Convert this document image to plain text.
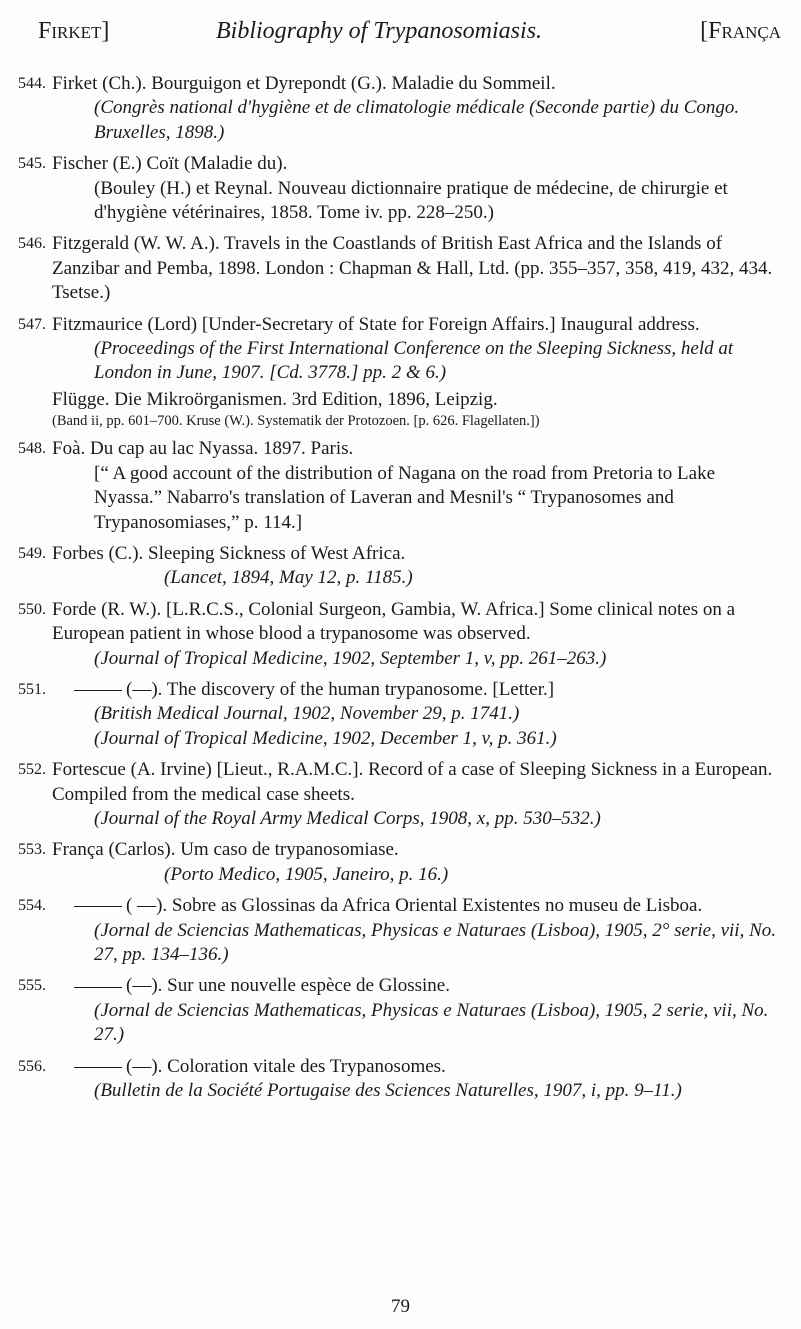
Firket]	Bibliography of Trypanosomiasis.	[França
544. Firket (Ch.). Bourguigon et Dyrepondt (G.). Maladie du Sommeil.
(Congrès national d'hygiène et de climatologie médicale (Seconde partie) du Congo. Bruxelles, 1898.)
545. Fischer (E.) Coït (Maladie du).
(Bouley (H.) et Reynal. Nouveau dictionnaire pratique de médecine, de chirurgie et d'hygiène vétérinaires, 1858. Tome iv. pp. 228–250.)
546. Fitzgerald (W. W. A.). Travels in the Coastlands of British East Africa and the Islands of Zanzibar and Pemba, 1898. London : Chapman & Hall, Ltd. (pp. 355–357, 358, 419, 432, 434. Tsetse.)
547. Fitzmaurice (Lord) [Under-Secretary of State for Foreign Affairs.] Inaugural address.
(Proceedings of the First International Conference on the Sleeping Sickness, held at London in June, 1907. [Cd. 3778.] pp. 2 & 6.)
Flügge. Die Mikroörganismen. 3rd Edition, 1896, Leipzig.
(Band ii, pp. 601–700. Kruse (W.). Systematik der Protozoen. [p. 626. Flagellaten.])
548. Foà. Du cap au lac Nyassa. 1897. Paris.
[“ A good account of the distribution of Nagana on the road from Pretoria to Lake Nyassa.” Nabarro's translation of Laveran and Mesnil's “ Trypanosomes and Trypanosomiases,” p. 114.]
549. Forbes (C.). Sleeping Sickness of West Africa.
(Lancet, 1894, May 12, p. 1185.)
550. Forde (R. W.). [L.R.C.S., Colonial Surgeon, Gambia, W. Africa.] Some clinical notes on a European patient in whose blood a trypanosome was observed.
(Journal of Tropical Medicine, 1902, September 1, v, pp. 261–263.)
551.	(—). The discovery of the human trypanosome. [Letter.]
(British Medical Journal, 1902, November 29, p. 1741.)
(Journal of Tropical Medicine, 1902, December 1, v, p. 361.)
552. Fortescue (A. Irvine) [Lieut., R.A.M.C.]. Record of a case of Sleeping Sickness in a European. Compiled from the medical case sheets.
(Journal of the Royal Army Medical Corps, 1908, x, pp. 530–532.)
553. França (Carlos). Um caso de trypanosomiase.
(Porto Medico, 1905, Janeiro, p. 16.)
554.	( —). Sobre as Glossinas da Africa Oriental Existentes no museu de Lisboa.
(Jornal de Sciencias Mathematicas, Physicas e Naturaes (Lisboa), 1905, 2° serie, vii, No. 27, pp. 134–136.)
555.	(—). Sur une nouvelle espèce de Glossine.
(Jornal de Sciencias Mathematicas, Physicas e Naturaes (Lisboa), 1905, 2 serie, vii, No. 27.)
556.	(—). Coloration vitale des Trypanosomes.
(Bulletin de la Société Portugaise des Sciences Naturelles, 1907, i, pp. 9–11.)
79
